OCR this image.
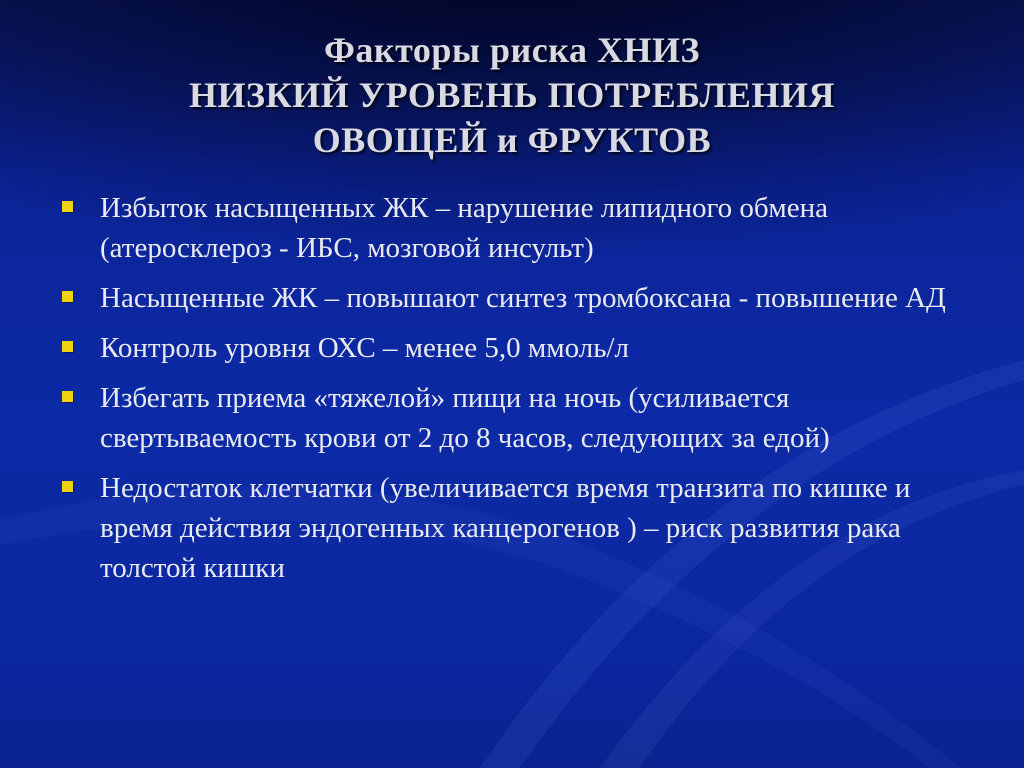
Факторы риска ХНИЗ
НИЗКИЙ УРОВЕНЬ ПОТРЕБЛЕНИЯ
ОВОЩЕЙ и ФРУКТОВ
Избыток насыщенных ЖК – нарушение липидного обмена (атеросклероз - ИБС, мозговой инсульт)
Насыщенные ЖК – повышают синтез тромбоксана - повышение АД
Контроль уровня ОХС – менее 5,0 ммоль/л
Избегать приема «тяжелой» пищи на ночь (усиливается свертываемость крови от 2 до 8 часов, следующих за едой)
Недостаток клетчатки (увеличивается время транзита по кишке и время действия эндогенных канцерогенов ) – риск развития рака толстой кишки
